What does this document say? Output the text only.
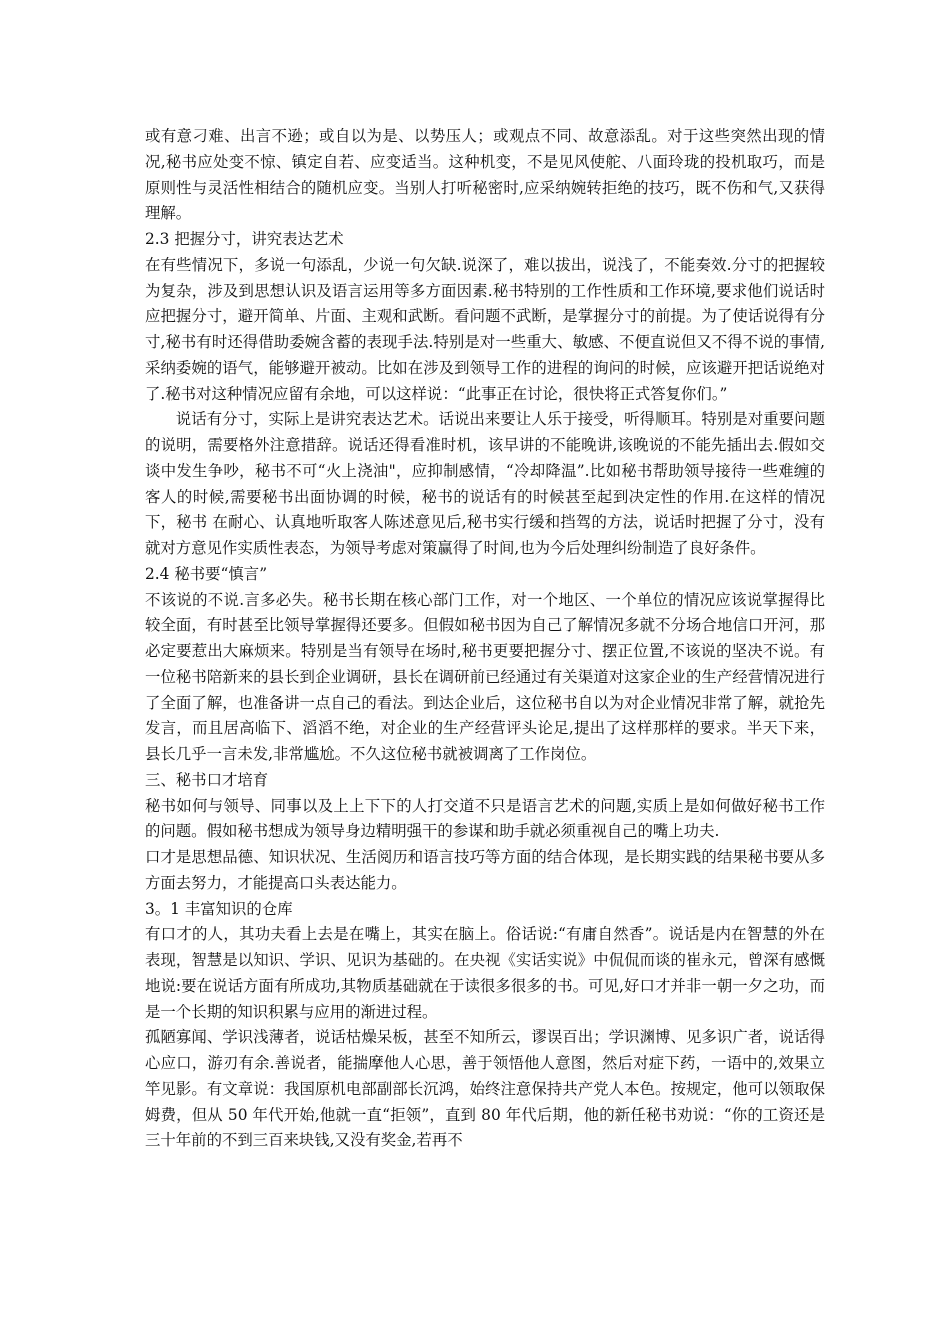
或有意刁难、出言不逊；或自以为是、以势压人；或观点不同、故意添乱。对于这些突然出现的情况,秘书应处变不惊、镇定自若、应变适当。这种机变，不是见风使舵、八面玲珑的投机取巧，而是原则性与灵活性相结合的随机应变。当别人打听秘密时,应采纳婉转拒绝的技巧，既不伤和气,又获得理解。

2.3 把握分寸，讲究表达艺术

在有些情况下，多说一句添乱，少说一句欠缺.说深了，难以拔出，说浅了，不能奏效.分寸的把握较为复杂，涉及到思想认识及语言运用等多方面因素.秘书特别的工作性质和工作环境,要求他们说话时应把握分寸，避开简单、片面、主观和武断。看问题不武断，是掌握分寸的前提。为了使话说得有分寸,秘书有时还得借助委婉含蓄的表现手法.特别是对一些重大、敏感、不便直说但又不得不说的事情,采纳委婉的语气，能够避开被动。比如在涉及到领导工作的进程的询问的时候，应该避开把话说绝对了.秘书对这种情况应留有余地，可以这样说：“此事正在讨论，很快将正式答复你们。”

说话有分寸，实际上是讲究表达艺术。话说出来要让人乐于接受，听得顺耳。特别是对重要问题的说明，需要格外注意措辞。说话还得看准时机，该早讲的不能晚讲,该晚说的不能先插出去.假如交谈中发生争吵，秘书不可“火上浇油"，应抑制感情，“冷却降温”.比如秘书帮助领导接待一些难缠的客人的时候,需要秘书出面协调的时候，秘书的说话有的时候甚至起到决定性的作用.在这样的情况下，秘书 在耐心、认真地听取客人陈述意见后,秘书实行缓和挡驾的方法，说话时把握了分寸，没有就对方意见作实质性表态，为领导考虑对策赢得了时间,也为今后处理纠纷制造了良好条件。

2.4 秘书要“慎言”

不该说的不说.言多必失。秘书长期在核心部门工作，对一个地区、一个单位的情况应该说掌握得比较全面，有时甚至比领导掌握得还要多。但假如秘书因为自己了解情况多就不分场合地信口开河，那必定要惹出大麻烦来。特别是当有领导在场时,秘书更要把握分寸、摆正位置,不该说的坚决不说。有一位秘书陪新来的县长到企业调研，县长在调研前已经通过有关渠道对这家企业的生产经营情况进行了全面了解，也准备讲一点自己的看法。到达企业后，这位秘书自以为对企业情况非常了解，就抢先发言，而且居高临下、滔滔不绝，对企业的生产经营评头论足,提出了这样那样的要求。半天下来，县长几乎一言未发,非常尴尬。不久这位秘书就被调离了工作岗位。

三、秘书口才培育

秘书如何与领导、同事以及上上下下的人打交道不只是语言艺术的问题,实质上是如何做好秘书工作的问题。假如秘书想成为领导身边精明强干的参谋和助手就必须重视自己的嘴上功夫.

口才是思想品德、知识状况、生活阅历和语言技巧等方面的结合体现，是长期实践的结果秘书要从多方面去努力，才能提高口头表达能力。

3。1 丰富知识的仓库

有口才的人，其功夫看上去是在嘴上，其实在脑上。俗话说:“有庸自然香”。说话是内在智慧的外在表现，智慧是以知识、学识、见识为基础的。在央视《实话实说》中侃侃而谈的崔永元，曾深有感慨地说:要在说话方面有所成功,其物质基础就在于读很多很多的书。可见,好口才并非一朝一夕之功，而是一个长期的知识积累与应用的渐进过程。

孤陋寡闻、学识浅薄者，说话枯燥呆板，甚至不知所云，谬误百出；学识渊博、见多识广者，说话得心应口，游刃有余.善说者，能揣摩他人心思，善于领悟他人意图，然后对症下药，一语中的,效果立竿见影。有文章说：我国原机电部副部长沉鸿，始终注意保持共产党人本色。按规定，他可以领取保姆费，但从 50 年代开始,他就一直“拒领”，直到 80 年代后期，他的新任秘书劝说：“你的工资还是三十年前的不到三百来块钱,又没有奖金,若再不
